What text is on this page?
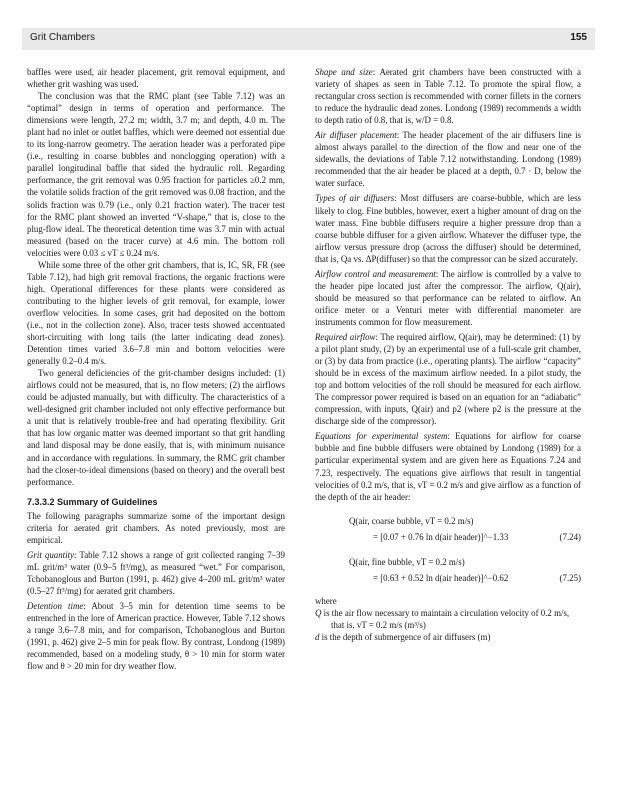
Grit Chambers	155

baffles were used, air header placement, grit removal equipment, and whether grit washing was used.

The conclusion was that the RMC plant (see Table 7.12) was an “optimal” design in terms of operation and performance. The dimensions were length, 27.2 m; width, 3.7 m; and depth, 4.0 m. The plant had no inlet or outlet baffles, which were deemed not essential due to its long-narrow geometry. The aeration header was a perforated pipe (i.e., resulting in coarse bubbles and nonclogging operation) with a parallel longitudinal baffle that sided the hydraulic roll. Regarding performance, the grit removal was 0.95 fraction for particles ≥0.2 mm, the volatile solids fraction of the grit removed was 0.08 fraction, and the solids fraction was 0.79 (i.e., only 0.21 fraction water). The tracer test for the RMC plant showed an inverted “V-shape,” that is, close to the plug-flow ideal. The theoretical detention time was 3.7 min with actual measured (based on the tracer curve) at 4.6 min. The bottom roll velocities were 0.03 ≤ vT ≤ 0.24 m/s.

While some three of the other grit chambers, that is, IC, SR, FR (see Table 7.12), had high grit removal fractions, the organic fractions were high. Operational differences for these plants were considered as contributing to the higher levels of grit removal, for example, lower overflow velocities. In some cases, grit had deposited on the bottom (i.e., not in the collection zone). Also, tracer tests showed accentuated short-circuiting with long tails (the latter indicating dead zones). Detention times varied 3.6–7.8 min and bottom velocities were generally 0.2–0.4 m/s.

Two general deficiencies of the grit-chamber designs included: (1) airflows could not be measured, that is, no flow meters; (2) the airflows could be adjusted manually, but with difficulty. The characteristics of a well-designed grit chamber included not only effective performance but a unit that is relatively trouble-free and had operating flexibility. Grit that has low organic matter was deemed important so that grit handling and land disposal may be done easily, that is, with minimum nuisance and in accordance with regulations. In summary, the RMC grit chamber had the closer-to-ideal dimensions (based on theory) and the overall best performance.

7.3.3.2 Summary of Guidelines

The following paragraphs summarize some of the important design criteria for aerated grit chambers. As noted previously, most are empirical.

Grit quantity: Table 7.12 shows a range of grit collected ranging 7–39 mL grit/m³ water (0.9–5 ft³/mg), as measured “wet.” For comparison, Tchobanoglous and Burton (1991, p. 462) give 4–200 mL grit/m³ water (0.5–27 ft³/mg) for aerated grit chambers.

Detention time: About 3–5 min for detention time seems to be entrenched in the lore of American practice. However, Table 7.12 shows a range 3.6–7.8 min, and for comparison, Tchobanoglous and Burton (1991, p. 462) give 2–5 min for peak flow. By contrast, Londong (1989) recommended, based on a modeling study, θ > 10 min for storm water flow and θ > 20 min for dry weather flow.

Shape and size: Aerated grit chambers have been constructed with a variety of shapes as seen in Table 7.12. To promote the spiral flow, a rectangular cross section is recommended with corner fillets in the corners to reduce the hydraulic dead zones. Londong (1989) recommends a width to depth ratio of 0.8, that is, w/D = 0.8.

Air diffuser placement: The header placement of the air diffusers line is almost always parallel to the direction of the flow and near one of the sidewalls, the deviations of Table 7.12 notwithstanding. Londong (1989) recommended that the air header be placed at a depth, 0.7 · D, below the water surface.

Types of air diffusers: Most diffusers are coarse-bubble, which are less likely to clog. Fine bubbles, however, exert a higher amount of drag on the water mass. Fine bubble diffusers require a higher pressure drop than a coarse bubble diffuser for a given airflow. Whatever the diffuser type, the airflow versus pressure drop (across the diffuser) should be determined, that is, Qa vs. ΔP(diffuser) so that the compressor can be sized accurately.

Airflow control and measurement: The airflow is controlled by a valve to the header pipe located just after the compressor. The airflow, Q(air), should be measured so that performance can be related to airflow. An orifice meter or a Venturi meter with differential manometer are instruments common for flow measurement.

Required airflow: The required airflow, Q(air), may be determined: (1) by a pilot plant study, (2) by an experimental use of a full-scale grit chamber, or (3) by data from practice (i.e., operating plants). The airflow “capacity” should be in excess of the maximum airflow needed. In a pilot study, the top and bottom velocities of the roll should be measured for each airflow. The compressor power required is based on an equation for an “adiabatic” compression, with inputs, Q(air) and p2 (where p2 is the pressure at the discharge side of the compressor).

Equations for experimental system: Equations for airflow for coarse bubble and fine bubble diffusers were obtained by Londong (1989) for a particular experimental system and are given here as Equations 7.24 and 7.23, respectively. The equations give airflows that result in tangential velocities of 0.2 m/s, that is, vT = 0.2 m/s and give airflow as a function of the depth of the air header:

Q(air, coarse bubble, vT = 0.2 m/s)
= [0.07 + 0.76 ln d(air header)]^−1.33	(7.24)
Q(air, fine bubble, vT = 0.2 m/s)
= [0.63 + 0.52 ln d(air header)]^−0.62	(7.25)

where

Q is the air flow necessary to maintain a circulation velocity of 0.2 m/s, that is, vT = 0.2 m/s (m³/s)

d is the depth of submergence of air diffusers (m)
